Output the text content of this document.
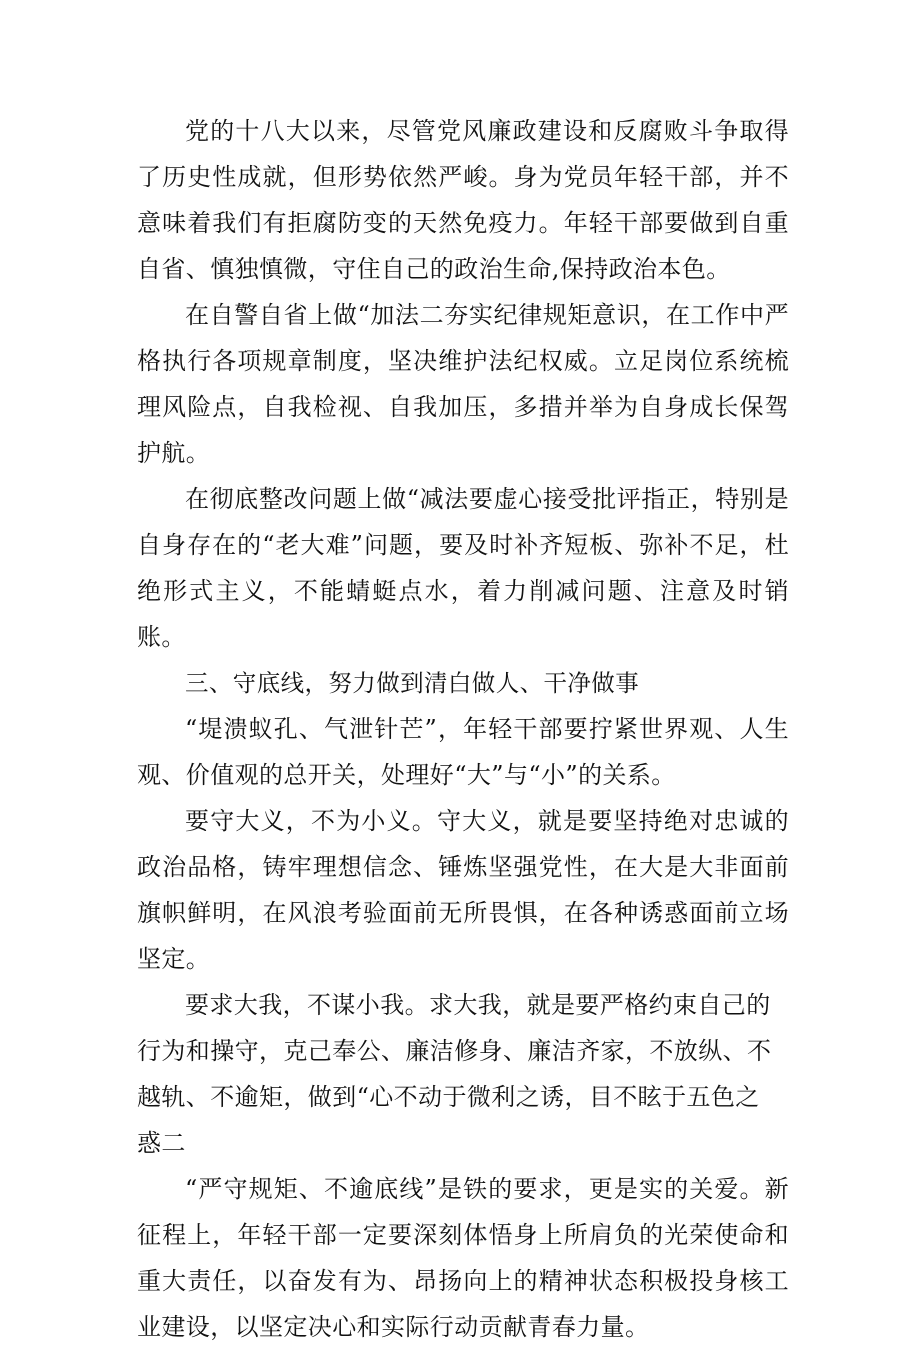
党的十八大以来，尽管党风廉政建设和反腐败斗争取得了历史性成就，但形势依然严峻。身为党员年轻干部，并不意味着我们有拒腐防变的天然免疫力。年轻干部要做到自重自省、慎独慎微，守住自己的政治生命,保持政治本色。

在自警自省上做“加法二夯实纪律规矩意识，在工作中严格执行各项规章制度，坚决维护法纪权威。立足岗位系统梳理风险点，自我检视、自我加压，多措并举为自身成长保驾护航。

在彻底整改问题上做“减法要虚心接受批评指正，特别是自身存在的“老大难”问题，要及时补齐短板、弥补不足，杜绝形式主义，不能蜻蜓点水，着力削减问题、注意及时销账。

三、守底线，努力做到清白做人、干净做事

“堤溃蚁孔、气泄针芒”，年轻干部要拧紧世界观、人生观、价值观的总开关，处理好“大”与“小”的关系。

要守大义，不为小义。守大义，就是要坚持绝对忠诚的政治品格，铸牢理想信念、锤炼坚强党性，在大是大非面前旗帜鲜明，在风浪考验面前无所畏惧，在各种诱惑面前立场坚定。

要求大我，不谋小我。求大我，就是要严格约束自己的行为和操守，克己奉公、廉洁修身、廉洁齐家，不放纵、不越轨、不逾矩，做到“心不动于微利之诱，目不眩于五色之

惑二

“严守规矩、不逾底线”是铁的要求，更是实的关爱。新征程上，年轻干部一定要深刻体悟身上所肩负的光荣使命和重大责任，以奋发有为、昂扬向上的精神状态积极投身核工业建设，以坚定决心和实际行动贡献青春力量。
